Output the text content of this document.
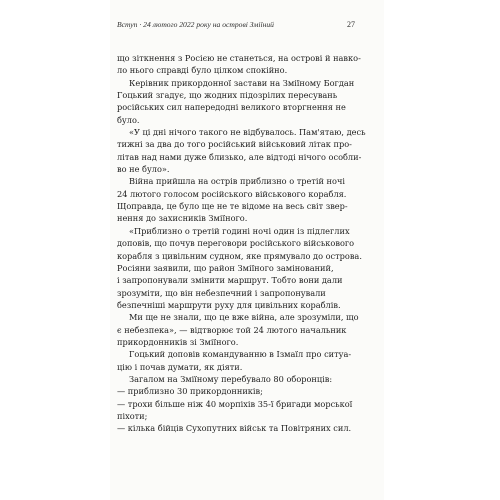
Вступ · 24 лютого 2022 року на острові Зміїний	27
що зіткнення з Росією не станеться, на острові й навко-
ло нього справді було цілком спокійно.
Керівник прикордонної застави на Зміїному Богдан
Гоцький згадує, що жодних підозрілих пересувань
російських сил напередодні великого вторгнення не
було.
«У ці дні нічого такого не відбувалось. Пам'ятаю, десь
тижні за два до того російський військовий літак про-
літав над нами дуже близько, але відтоді нічого особли-
во не було».
Війна прийшла на острів приблизно о третій ночі
24 лютого голосом російського військового корабля.
Щоправда, це було ще не те відоме на весь світ звер-
нення до захисників Зміїного.
«Приблизно о третій годині ночі один із підлеглих
доповів, що почув переговори російського військового
корабля з цивільним судном, яке прямувало до острова.
Росіяни заявили, що район Зміїного замінований,
і запропонували змінити маршрут. Тобто вони дали
зрозуміти, що він небезпечний і запропонували
безпечніші маршрути руху для цивільних кораблів.
Ми ще не знали, що це вже війна, але зрозуміли, що
є небезпека», — відтворює той 24 лютого начальник
прикордонників зі Зміїного.
Гоцький доповів командуванню в Ізмаїл про ситуа-
цію і почав думати, як діяти.
Загалом на Зміїному перебувало 80 оборонців:
— приблизно 30 прикордонників;
— трохи більше ніж 40 морпіхів 35-ї бригади морської
піхоти;
— кілька бійців Сухопутних військ та Повітряних сил.
